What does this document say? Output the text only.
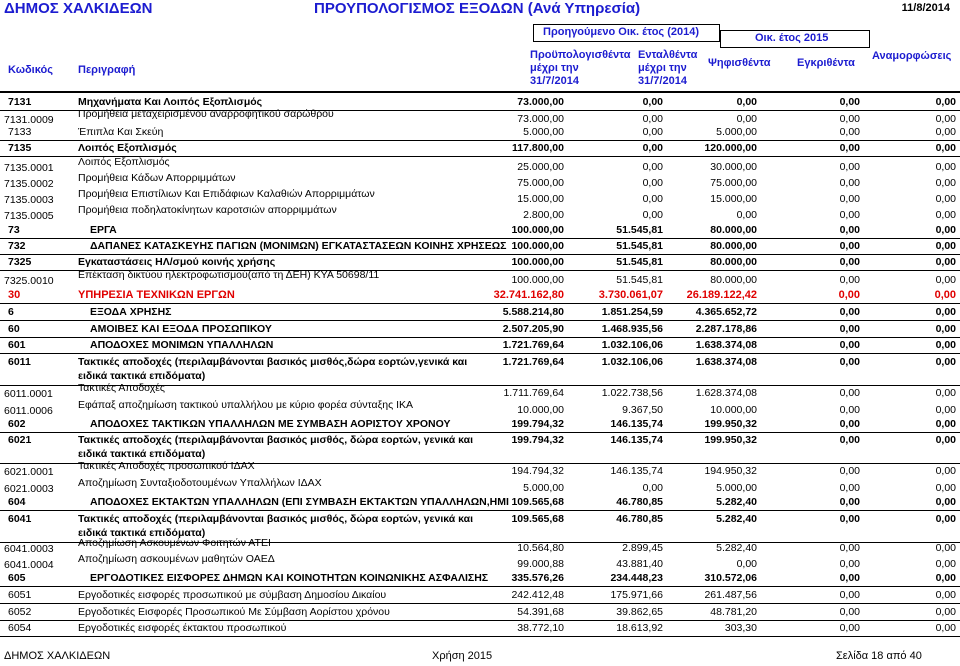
ΔΗΜΟΣ ΧΑΛΚΙΔΕΩΝ	ΠΡΟΥΠΟΛΟΓΙΣΜΟΣ ΕΞΟΔΩΝ (Ανά Υπηρεσία)	11/8/2014
Προηγούμενο Οικ. έτος (2014)	Οικ. έτος 2015
Κωδικός Περιγραφή
Προϋπολογισθέντα μέχρι την 31/7/2014
Ενταλθέντα
μέχρι την
31/7/2014
Ψηφισθέντα Εγκριθέντα
Αναμορφώσεις
7131	Μηχανήματα Και Λοιπός Εξοπλισμός	73.000,00	0,00	0,00	0,00	0,00
7131.0009 Προμήθεια μεταχειρισμένου αναρροφητικού σαρώθρου	73.000,00	0,00	0,00	0,00	0,00
7133	Έπιπλα Και Σκεύη	5.000,00	0,00	5.000,00	0,00	0,00
7135	Λοιπός Εξοπλισμός	117.800,00	0,00	120.000,00	0,00	0,00
7135.0001 Λοιπός Εξοπλισμός	25.000,00	0,00	30.000,00	0,00	0,00
7135.0002 Προμήθεια Κάδων Απορριμμάτων	75.000,00	0,00	75.000,00	0,00	0,00
7135.0003 Προμήθεια Επιστίλιων Και Επιδάφιων Καλαθιών Απορριμμάτων	15.000,00	0,00	15.000,00	0,00	0,00
7135.0005 Προμήθεια ποδηλατοκίνητων καροτσιών απορριμμάτων	2.800,00	0,00	0,00	0,00	0,00
73	ΕΡΓΑ	100.000,00	51.545,81	80.000,00	0,00	0,00
732	ΔΑΠΑΝΕΣ ΚΑΤΑΣΚΕΥΗΣ ΠΑΓΙΩΝ (ΜΟΝΙΜΩΝ) ΕΓΚΑΤΑΣΤΑΣΕΩΝ ΚΟΙΝΗΣ ΧΡΗΣΕΩΣ 100.000,00	51.545,81	80.000,00	0,00	0,00
7325	Εγκαταστάσεις ΗΛ/σμού κοινής χρήσης	100.000,00	51.545,81	80.000,00	0,00	0,00
7325.0010 Επέκταση δικτύου ηλεκτροφωτισμού(από τη ΔΕΗ) ΚΥΑ 50698/11	100.000,00	51.545,81	80.000,00	0,00	0,00
30	ΥΠΗΡΕΣΙΑ ΤΕΧΝΙΚΩΝ ΕΡΓΩΝ	32.741.162,80	3.730.061,07	26.189.122,42	0,00	0,00
6	ΕΞΟΔΑ ΧΡΗΣΗΣ	5.588.214,80	1.851.254,59	4.365.652,72	0,00	0,00
60	ΑΜΟΙΒΕΣ ΚΑΙ ΕΞΟΔΑ ΠΡΟΣΩΠΙΚΟΥ	2.507.205,90	1.468.935,56	2.287.178,86	0,00	0,00
601	ΑΠΟΔΟΧΕΣ ΜΟΝΙΜΩΝ ΥΠΑΛΛΗΛΩΝ	1.721.769,64	1.032.106,06	1.638.374,08	0,00	0,00
6011	Τακτικές αποδοχές (περιλαμβάνονται βασικός μισθός,δώρα εορτών,γενικά και
ειδικά τακτικά επιδόματα)
1.721.769,64	1.032.106,06	1.638.374,08	0,00	0,00
6011.0001 Τακτικές Αποδοχές	1.711.769,64	1.022.738,56	1.628.374,08	0,00	0,00
6011.0006 Εφάπαξ αποζημίωση τακτικού υπαλλήλου με κύριο φορέα σύνταξης ΙΚΑ	10.000,00	9.367,50	10.000,00	0,00	0,00
602	ΑΠΟΔΟΧΕΣ ΤΑΚΤΙΚΩΝ ΥΠΑΛΛΗΛΩΝ ΜΕ ΣΥΜΒΑΣΗ ΑΟΡΙΣΤΟΥ ΧΡΟΝΟΥ	199.794,32	146.135,74	199.950,32	0,00	0,00
6021	Τακτικές αποδοχές (περιλαμβάνονται βασικός μισθός, δώρα εορτών, γενικά και
ειδικά τακτικά επιδόματα)
199.794,32	146.135,74	199.950,32	0,00	0,00
6021.0001 Τακτικές Αποδοχές προσωπικού ΙΔΑΧ	194.794,32	146.135,74	194.950,32	0,00	0,00
6021.0003 Αποζημίωση Συνταξιοδοτουμένων Υπαλλήλων ΙΔΑΧ	5.000,00	0,00	5.000,00	0,00	0,00
604	ΑΠΟΔΟΧΕΣ ΕΚΤΑΚΤΩΝ ΥΠΑΛΛΗΛΩΝ (ΕΠΙ ΣΥΜΒΑΣΗ ΕΚΤΑΚΤΩΝ ΥΠΑΛΛΗΛΩΝ,ΗΜΙ 109.565,68	46.780,85	5.282,40	0,00	0,00
6041	Τακτικές αποδοχές (περιλαμβάνονται βασικός μισθός, δώρα εορτών, γενικά και
ειδικά τακτικά επιδόματα)
109.565,68	46.780,85	5.282,40	0,00	0,00
6041.0003 Αποζημίωση Ασκουμένων Φοιτητών ΑΤΕΙ	10.564,80	2.899,45	5.282,40	0,00	0,00
6041.0004 Αποζημίωση ασκουμένων μαθητών ΟΑΕΔ	99.000,88	43.881,40	0,00	0,00	0,00
605	ΕΡΓΟΔΟΤΙΚΕΣ ΕΙΣΦΟΡΕΣ ΔΗΜΩΝ ΚΑΙ ΚΟΙΝΟΤΗΤΩΝ ΚΟΙΝΩΝΙΚΗΣ ΑΣΦΑΛΙΣΗΣ	335.576,26	234.448,23	310.572,06	0,00	0,00
6051	Εργοδοτικές εισφορές προσωπικού με σύμβαση Δημοσίου Δικαίου	242.412,48	175.971,66	261.487,56	0,00	0,00
6052	Εργοδοτικές Εισφορές Προσωπικού Με Σύμβαση Αορίστου χρόνου	54.391,68	39.862,65	48.781,20	0,00	0,00
6054	Εργοδοτικές εισφορές έκτακτου προσωπικού	38.772,10	18.613,92	303,30	0,00	0,00
ΔΗΜΟΣ ΧΑΛΚΙΔΕΩΝ	Χρήση 2015	Σελίδα 18 από 40
